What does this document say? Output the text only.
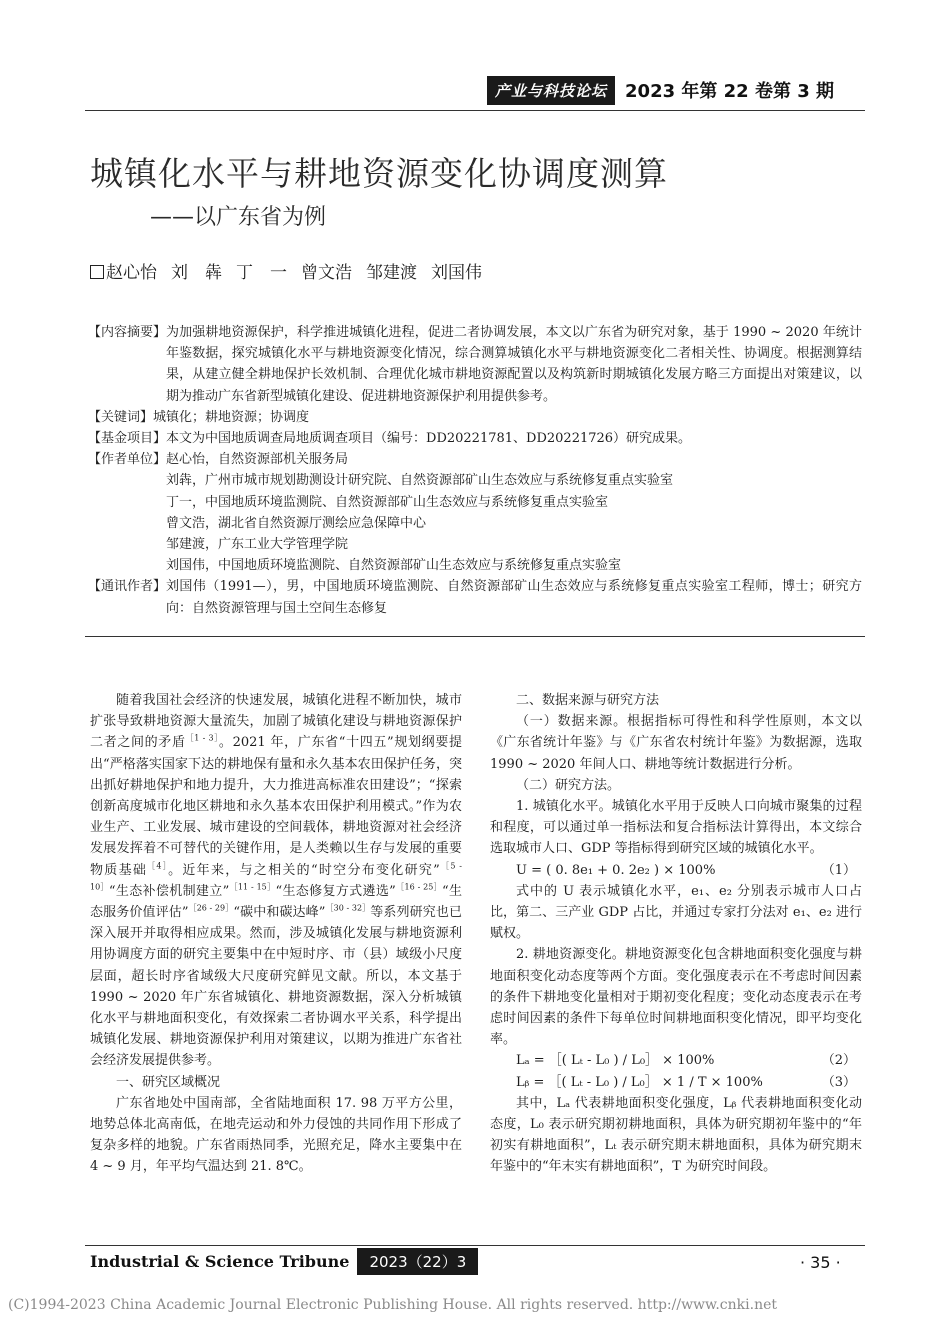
产业与科技论坛	2023 年第 22 卷第 3 期
城镇化水平与耕地资源变化协调度测算
——以广东省为例
赵心怡 刘　犇 丁　一 曾文浩 邹建渡 刘国伟
【内容摘要】 为加强耕地资源保护，科学推进城镇化进程，促进二者协调发展，本文以广东省为研究对象，基于 1990 ~ 2020 年统计年鉴数据，探究城镇化水平与耕地资源变化情况，综合测算城镇化水平与耕地资源变化二者相关性、协调度。根据测算结果，从建立健全耕地保护长效机制、合理优化城市耕地资源配置以及构筑新时期城镇化发展方略三方面提出对策建议，以期为推动广东省新型城镇化建设、促进耕地资源保护利用提供参考。
【关键词】 城镇化；耕地资源；协调度
【基金项目】 本文为中国地质调查局地质调查项目（编号：DD20221781、DD20221726）研究成果。
【作者单位】 赵心怡，自然资源部机关服务局
刘犇，广州市城市规划勘测设计研究院、自然资源部矿山生态效应与系统修复重点实验室
丁一，中国地质环境监测院、自然资源部矿山生态效应与系统修复重点实验室
曾文浩，湖北省自然资源厅测绘应急保障中心
邹建渡，广东工业大学管理学院
刘国伟，中国地质环境监测院、自然资源部矿山生态效应与系统修复重点实验室
【通讯作者】 刘国伟（1991—），男，中国地质环境监测院、自然资源部矿山生态效应与系统修复重点实验室工程师，博士；研究方向：自然资源管理与国土空间生态修复

随着我国社会经济的快速发展，城镇化进程不断加快，城市扩张导致耕地资源大量流失，加剧了城镇化建设与耕地资源保护二者之间的矛盾$^{[1 - 3]}$。2021 年，广东省“十四五”规划纲要提出“严格落实国家下达的耕地保有量和永久基本农田保护任务，突出抓好耕地保护和地力提升，大力推进高标准农田建设”；“探索创新高度城市化地区耕地和永久基本农田保护利用模式。”作为农业生产、工业发展、城市建设的空间载体，耕地资源对社会经济发展发挥着不可替代的关键作用，是人类赖以生存与发展的重要物质基础$^{[4]}$。近年来，与之相关的“时空分布变化研究”$^{[5 - 10]}$“生态补偿机制建立”$^{[11 - 15]}$“生态修复方式遴选”$^{[16 - 25]}$“生态服务价值评估”$^{[26 - 29]}$“碳中和碳达峰”$^{[30 - 32]}$等系列研究也已深入展开并取得相应成果。然而，涉及城镇化发展与耕地资源利用协调度方面的研究主要集中在中短时序、市（县）域级小尺度层面，超长时序省域级大尺度研究鲜见文献。所以，本文基于 1990 ~ 2020 年广东省城镇化、耕地资源数据，深入分析城镇化水平与耕地面积变化，有效探索二者协调水平关系，科学提出城镇化发展、耕地资源保护利用对策建议，以期为推进广东省社会经济发展提供参考。

一、研究区域概况

广东省地处中国南部，全省陆地面积 17. 98 万平方公里，地势总体北高南低，在地壳运动和外力侵蚀的共同作用下形成了复杂多样的地貌。广东省雨热同季，光照充足，降水主要集中在 4 ~ 9 月，年平均气温达到 21. 8℃。

二、数据来源与研究方法

（一）数据来源。根据指标可得性和科学性原则，本文以《广东省统计年鉴》与《广东省农村统计年鉴》为数据源，选取 1990 ~ 2020 年间人口、耕地等统计数据进行分析。

（二）研究方法。

1. 城镇化水平。城镇化水平用于反映人口向城市聚集的过程和程度，可以通过单一指标法和复合指标法计算得出，本文综合选取城市人口、GDP 等指标得到研究区域的城镇化水平。

U = ( 0. 8e₁ + 0. 2e₂ ) × 100%	（1）

式中的 U 表示城镇化水平，e₁、e₂ 分别表示城市人口占比，第二、三产业 GDP 占比，并通过专家打分法对 e₁、e₂ 进行赋权。

2. 耕地资源变化。耕地资源变化包含耕地面积变化强度与耕地面积变化动态度等两个方面。变化强度表示在不考虑时间因素的条件下耕地变化量相对于期初变化程度；变化动态度表示在考虑时间因素的条件下每单位时间耕地面积变化情况，即平均变化率。

Lₐ = ［( Lₜ - L₀ ) / L₀］ × 100%	（2）

Lᵦ = ［( Lₜ - L₀ ) / L₀］ × 1 / T × 100%	（3）

其中，Lₐ 代表耕地面积变化强度，Lᵦ 代表耕地面积变化动态度，L₀ 表示研究期初耕地面积，具体为研究期初年鉴中的“年初实有耕地面积”，Lₜ 表示研究期末耕地面积，具体为研究期末年鉴中的“年末实有耕地面积”，T 为研究时间段。

Industrial & Science Tribune	2023（22）3	· 35 ·
(C)1994-2023 China Academic Journal Electronic Publishing House. All rights reserved. http://www.cnki.net
